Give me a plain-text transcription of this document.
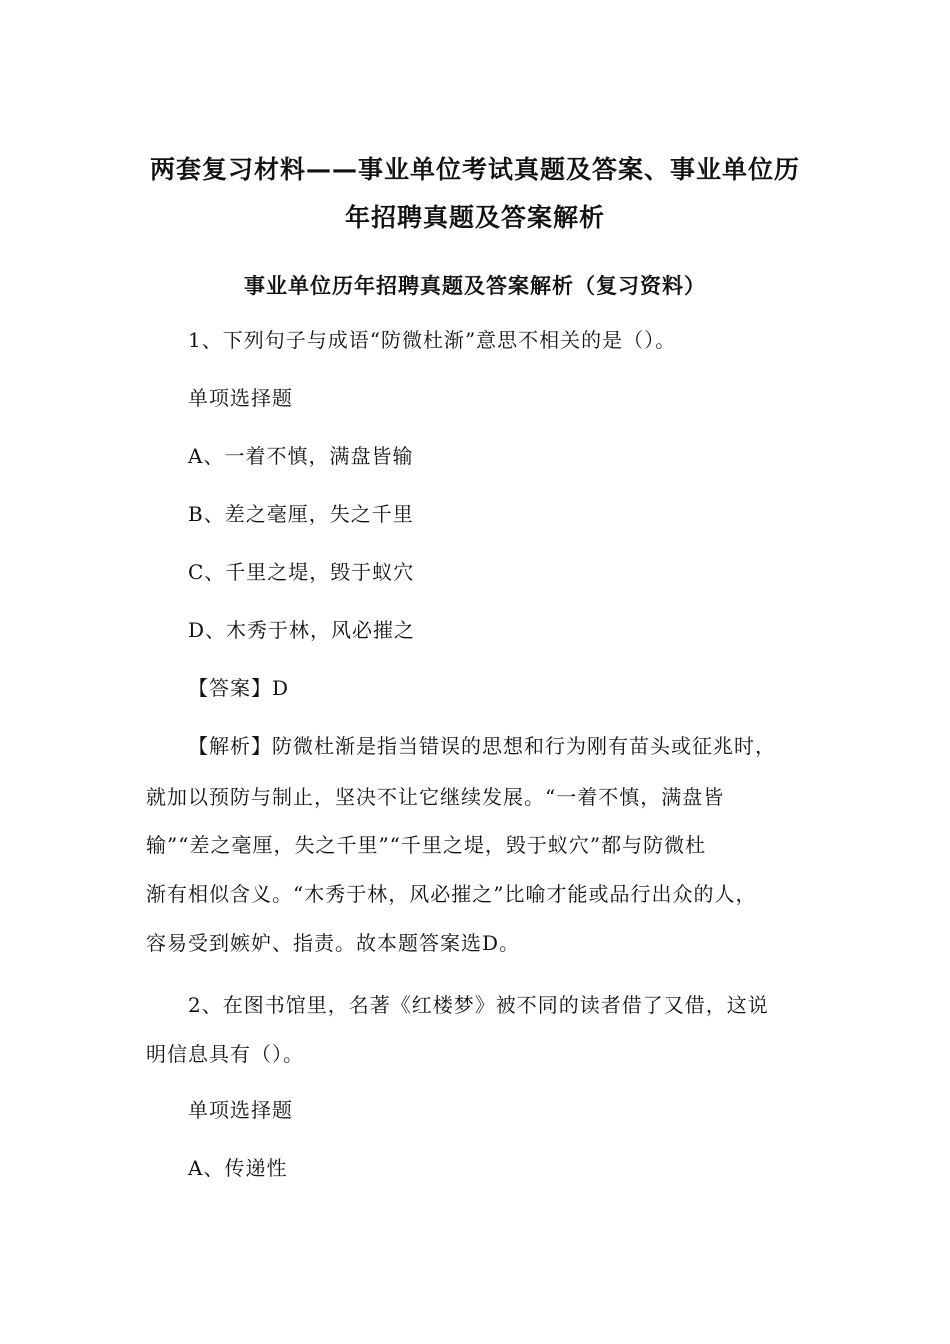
两套复习材料——事业单位考试真题及答案、事业单位历
年招聘真题及答案解析
事业单位历年招聘真题及答案解析（复习资料）
1、下列句子与成语“防微杜渐”意思不相关的是（）。
单项选择题
A、一着不慎，满盘皆输
B、差之毫厘，失之千里
C、千里之堤，毁于蚁穴
D、木秀于林，风必摧之
【答案】D
【解析】防微杜渐是指当错误的思想和行为刚有苗头或征兆时，
就加以预防与制止，坚决不让它继续发展。“一着不慎，满盘皆
输”“差之毫厘，失之千里”“千里之堤，毁于蚁穴”都与防微杜
渐有相似含义。“木秀于林，风必摧之”比喻才能或品行出众的人，
容易受到嫉妒、指责。故本题答案选D。
2、在图书馆里，名著《红楼梦》被不同的读者借了又借，这说
明信息具有（）。
单项选择题
A、传递性
